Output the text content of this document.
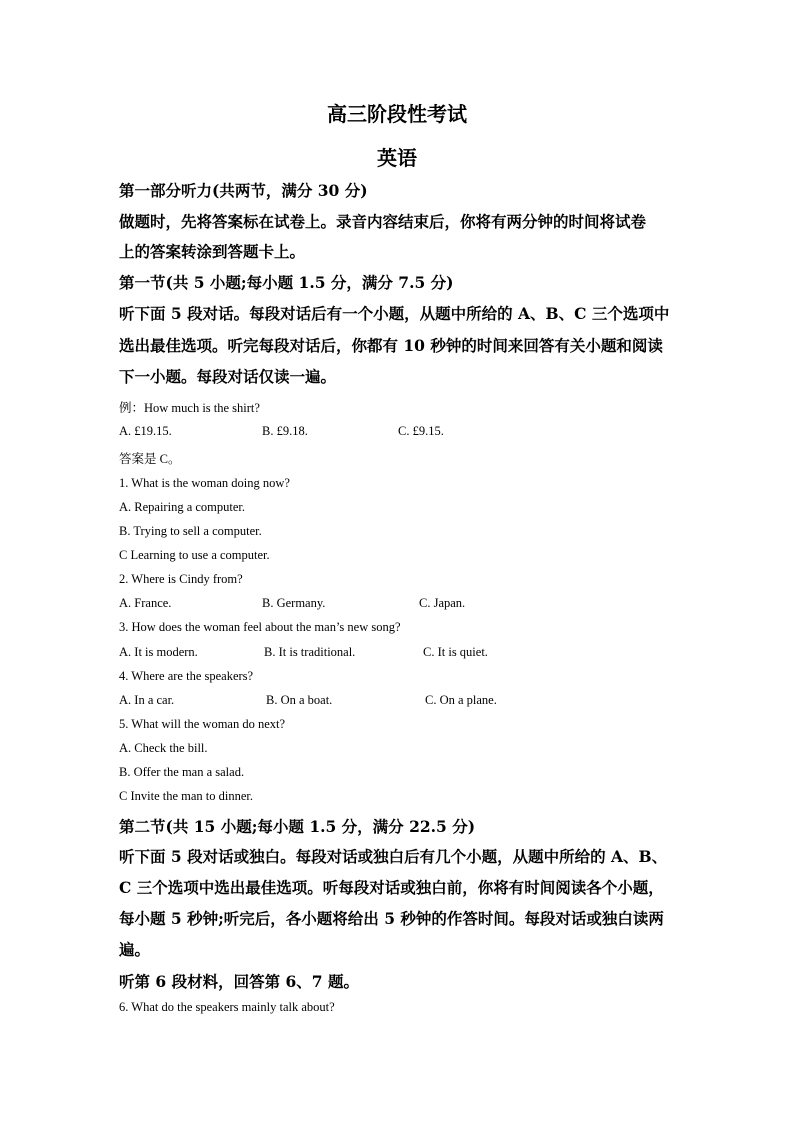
高三阶段性考试
英语
第一部分听力(共两节，满分 30 分)
做题时，先将答案标在试卷上。录音内容结束后，你将有两分钟的时间将试卷
上的答案转涂到答题卡上。
第一节(共 5 小题;每小题 1.5 分，满分 7.5 分)
听下面 5 段对话。每段对话后有一个小题，从题中所给的 A、B、C 三个选项中
选出最佳选项。听完每段对话后，你都有 10 秒钟的时间来回答有关小题和阅读
下一小题。每段对话仅读一遍。
例：How much is the shirt?
A. £19.15.	B. £9.18.	C. £9.15.
答案是 C。
1. What is the woman doing now?
A. Repairing a computer.
B. Trying to sell a computer.
C Learning to use a computer.
2. Where is Cindy from?
A. France.	B. Germany.	C. Japan.
3. How does the woman feel about the man’s new song?
A. It is modern.	B. It is traditional.	C. It is quiet.
4. Where are the speakers?
A. In a car.	B. On a boat.	C. On a plane.
5. What will the woman do next?
A. Check the bill.
B. Offer the man a salad.
C Invite the man to dinner.
第二节(共 15 小题;每小题 1.5 分，满分 22.5 分)
听下面 5 段对话或独白。每段对话或独白后有几个小题，从题中所给的 A、B、
C 三个选项中选出最佳选项。听每段对话或独白前，你将有时间阅读各个小题，
每小题 5 秒钟;听完后，各小题将给出 5 秒钟的作答时间。每段对话或独白读两
遍。
听第 6 段材料，回答第 6、7 题。
6. What do the speakers mainly talk about?
